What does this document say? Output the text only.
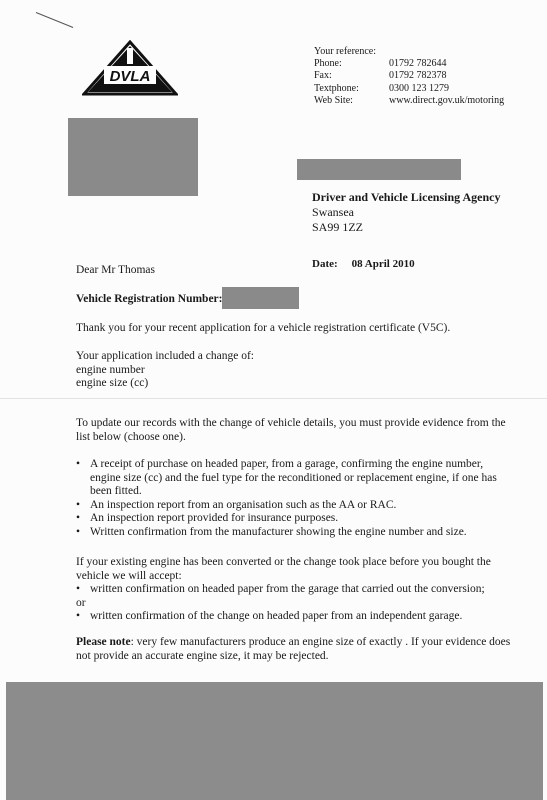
DVLA
Your reference:
Phone:	01792 782644
Fax:	01792 782378
Textphone:	0300 123 1279
Web Site:	www.direct.gov.uk/motoring
Driver and Vehicle Licensing Agency
Swansea
SA99 1ZZ
Date: 08 April 2010
Dear Mr Thomas
Vehicle Registration Number:
Thank you for your recent application for a vehicle registration certificate (V5C).
Your application included a change of:
engine number
engine size (cc)
To update our records with the change of vehicle details, you must provide evidence from the list below (choose one).
• A receipt of purchase on headed paper, from a garage, confirming the engine number, engine size (cc) and the fuel type for the reconditioned or replacement engine, if one has been fitted.
• An inspection report from an organisation such as the AA or RAC.
• An inspection report provided for insurance purposes.
• Written confirmation from the manufacturer showing the engine number and size.
If your existing engine has been converted or the change took place before you bought the vehicle we will accept:
• written confirmation on headed paper from the garage that carried out the conversion;
or
• written confirmation of the change on headed paper from an independent garage.
Please note: very few manufacturers produce an engine size of exactly . If your evidence does not provide an accurate engine size, it may be rejected.
